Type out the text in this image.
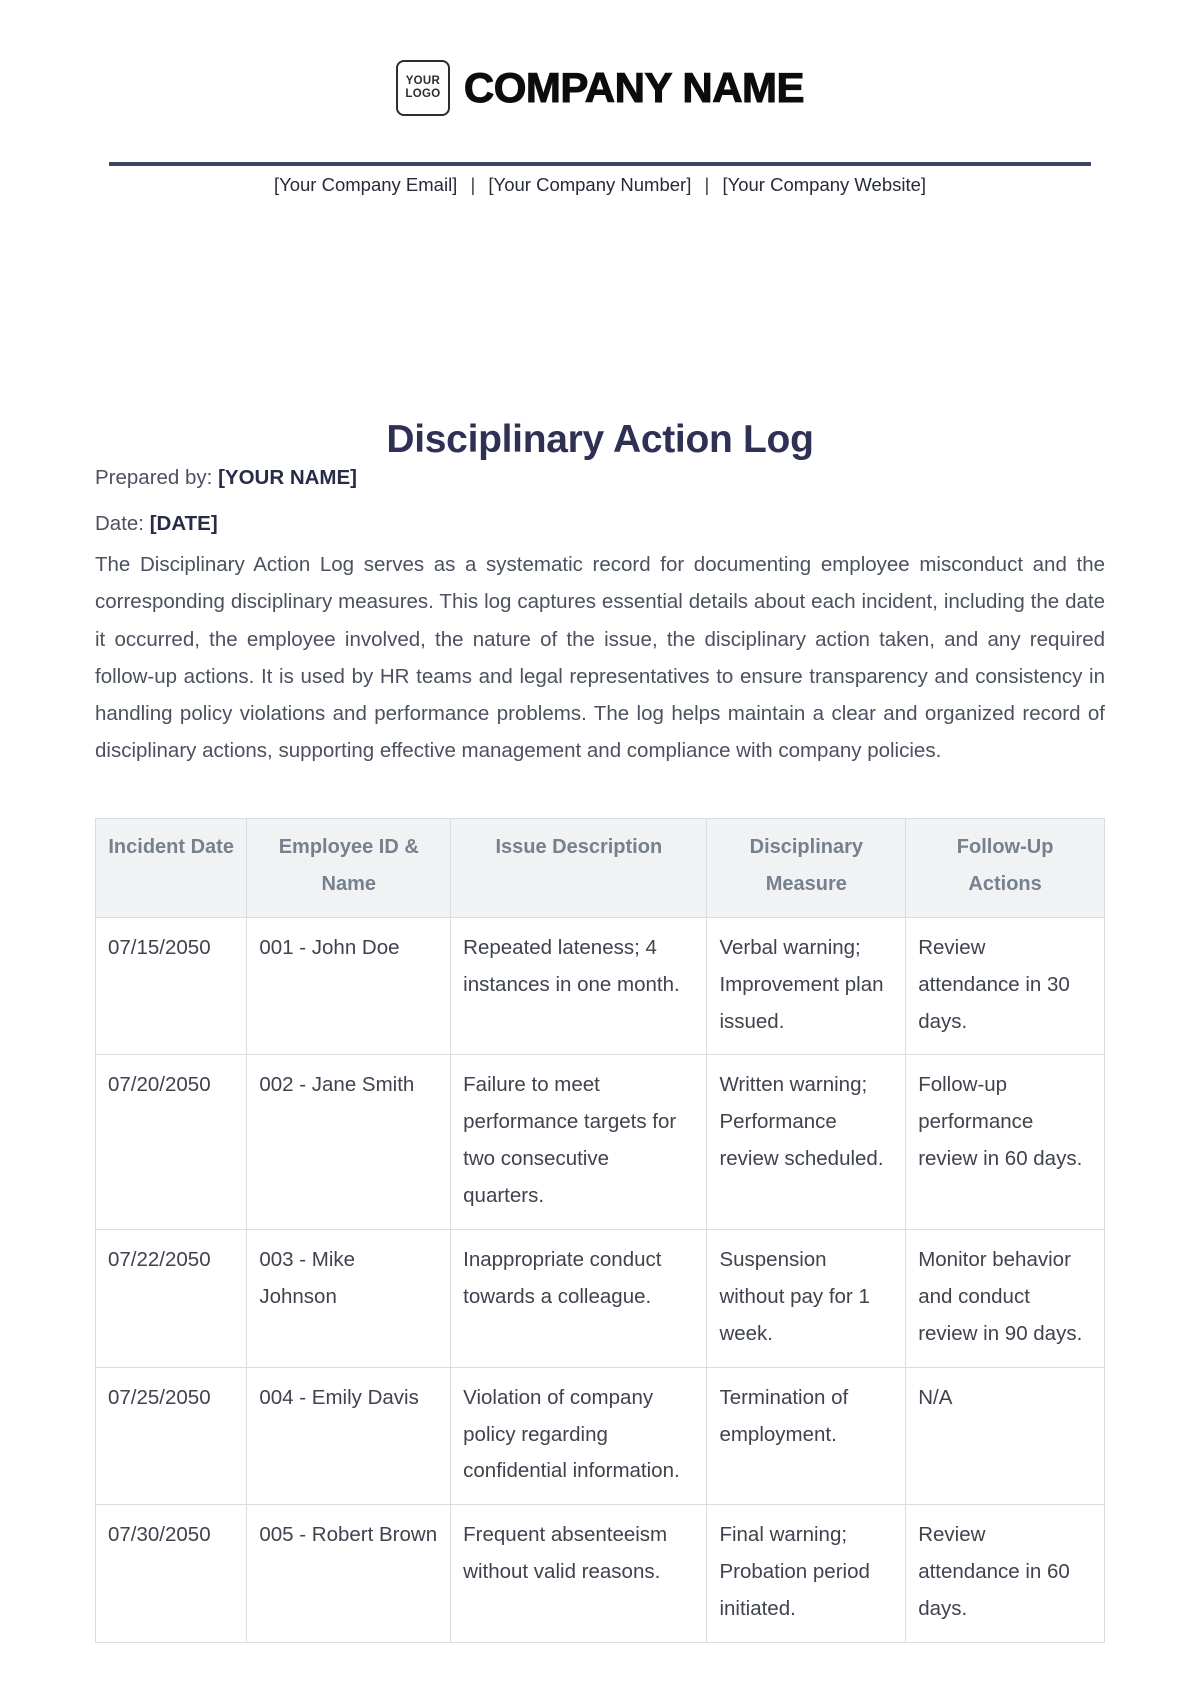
YOUR
LOGO COMPANY NAME
[Your Company Email] | [Your Company Number] | [Your Company Website]
Disciplinary Action Log

Prepared by: [YOUR NAME]

Date: [DATE]

The Disciplinary Action Log serves as a systematic record for documenting employee misconduct and the corresponding disciplinary measures. This log captures essential details about each incident, including the date it occurred, the employee involved, the nature of the issue, the disciplinary action taken, and any required follow-up actions. It is used by HR teams and legal representatives to ensure transparency and consistency in handling policy violations and performance problems. The log helps maintain a clear and organized record of disciplinary actions, supporting effective management and compliance with company policies.

Incident Date	Employee ID & Name	Issue Description	Disciplinary Measure	Follow-Up Actions
07/15/2050	001 - John Doe	Repeated lateness; 4 instances in one month.	Verbal warning; Improvement plan issued.	Review attendance in 30 days.
07/20/2050	002 - Jane Smith	Failure to meet performance targets for two consecutive quarters.	Written warning; Performance review scheduled.	Follow-up performance review in 60 days.
07/22/2050	003 - Mike Johnson	Inappropriate conduct towards a colleague.	Suspension without pay for 1 week.	Monitor behavior and conduct review in 90 days.
07/25/2050	004 - Emily Davis	Violation of company policy regarding confidential information.	Termination of employment.	N/A
07/30/2050	005 - Robert Brown	Frequent absenteeism without valid reasons.	Final warning; Probation period initiated.	Review attendance in 60 days.
